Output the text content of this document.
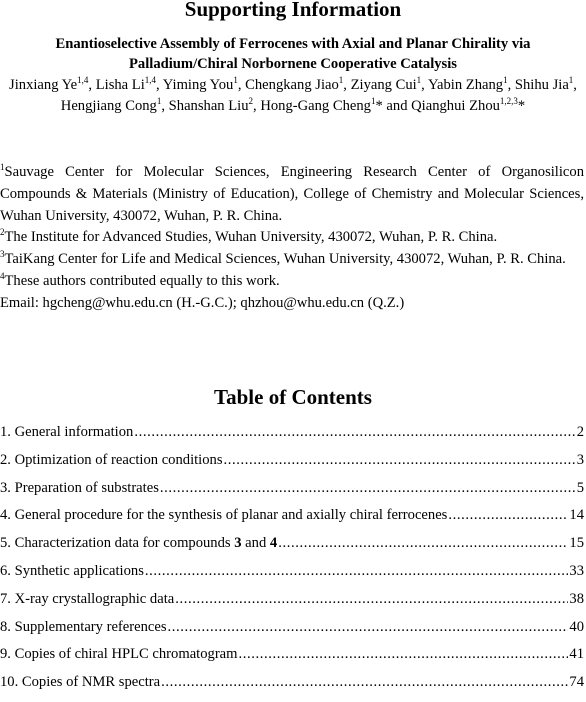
Supporting Information
Enantioselective Assembly of Ferrocenes with Axial and Planar Chirality via
Palladium/Chiral Norbornene Cooperative Catalysis
Jinxiang Ye$^{1,4}$, Lisha Li$^{1,4}$, Yiming You$^1$, Chengkang Jiao$^1$, Ziyang Cui$^1$, Yabin Zhang$^1$, Shihu Jia$^1$, Hengjiang Cong$^1$, Shanshan Liu$^2$, Hong-Gang Cheng$^1$* and Qianghui Zhou$^{1,2,3}$*

$^1$Sauvage Center for Molecular Sciences, Engineering Research Center of Organosilicon Compounds & Materials (Ministry of Education), College of Chemistry and Molecular Sciences, Wuhan University, 430072, Wuhan, P. R. China.

$^2$The Institute for Advanced Studies, Wuhan University, 430072, Wuhan, P. R. China.

$^3$TaiKang Center for Life and Medical Sciences, Wuhan University, 430072, Wuhan, P. R. China.

$^4$These authors contributed equally to this work.

Email: hgcheng@whu.edu.cn (H.-G.C.); qhzhou@whu.edu.cn (Q.Z.)

Table of Contents
1. General information .....	2
2. Optimization of reaction conditions .....	3
3. Preparation of substrates .....	5
4. General procedure for the synthesis of planar and axially chiral ferrocenes .....	14
5. Characterization data for compounds 3 and 4 .....	15
6. Synthetic applications .....	33
7. X-ray crystallographic data .....	38
8. Supplementary references .....	40
9. Copies of chiral HPLC chromatogram .....	41
10. Copies of NMR spectra .....	74
